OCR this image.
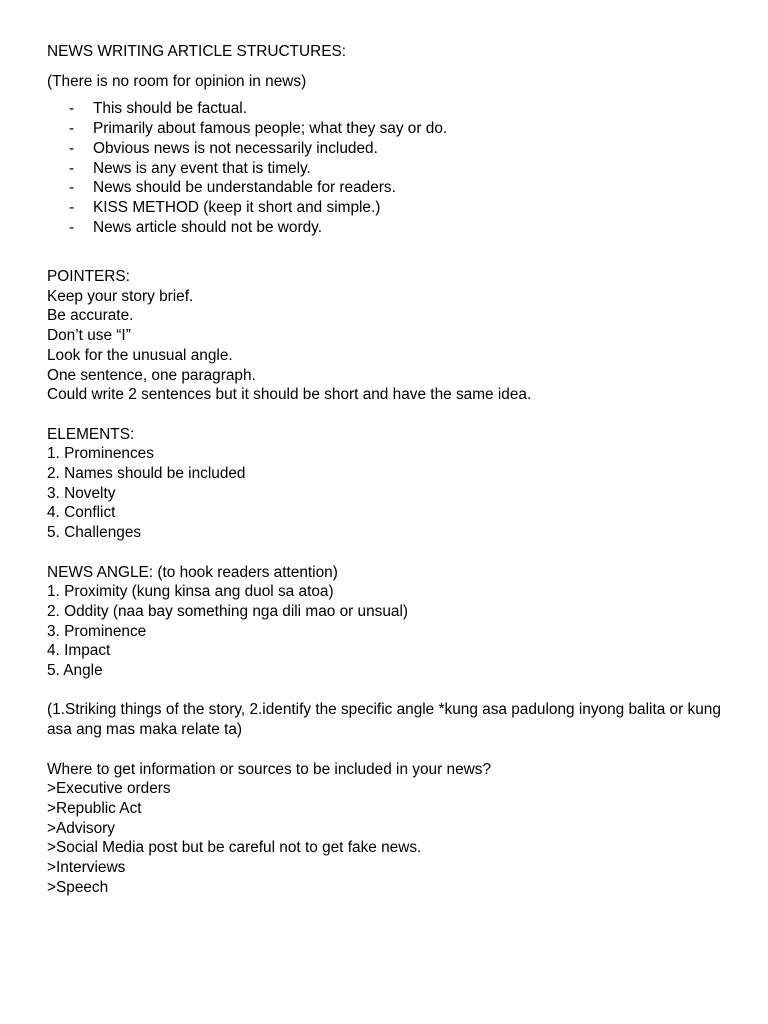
NEWS WRITING ARTICLE STRUCTURES:

(There is no room for opinion in news)

- This should be factual.
- Primarily about famous people; what they say or do.
- Obvious news is not necessarily included.
- News is any event that is timely.
- News should be understandable for readers.
- KISS METHOD (keep it short and simple.)
- News article should not be wordy.

POINTERS:

Keep your story brief.

Be accurate.

Don’t use “I”

Look for the unusual angle.

One sentence, one paragraph.

Could write 2 sentences but it should be short and have the same idea.

ELEMENTS:

1. Prominences

2. Names should be included

3. Novelty

4. Conflict

5. Challenges

NEWS ANGLE: (to hook readers attention)

1. Proximity (kung kinsa ang duol sa atoa)

2. Oddity (naa bay something nga dili mao or unsual)

3. Prominence

4. Impact

5. Angle

(1.Striking things of the story, 2.identify the specific angle *kung asa padulong inyong balita or kung asa ang mas maka relate ta)

Where to get information or sources to be included in your news?

>Executive orders

>Republic Act

>Advisory

>Social Media post but be careful not to get fake news.

>Interviews

>Speech
